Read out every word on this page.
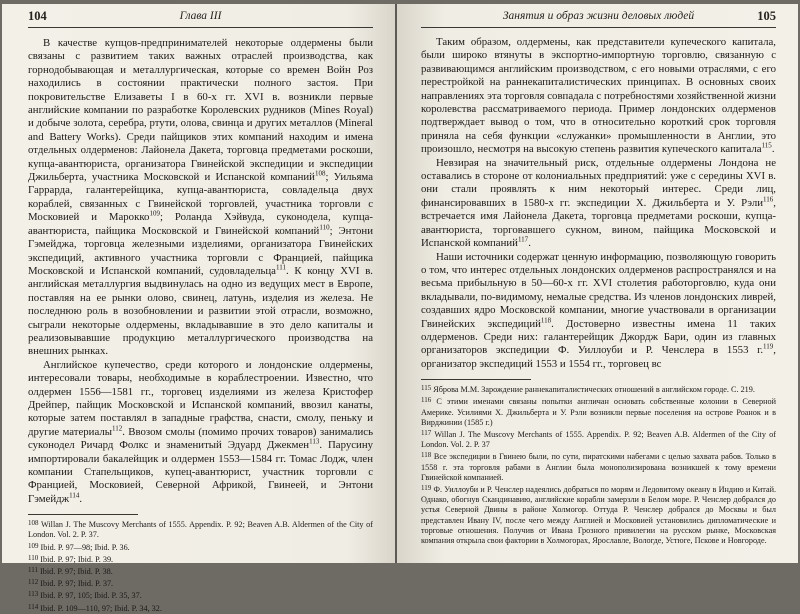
104	Глава III

В качестве купцов-предпринимателей некоторые олдермены были связаны с развитием таких важных отраслей производства, как горнодобывающая и металлургическая, которые со времен Войн Роз находились в состоянии практически полного застоя. При покровительстве Елизаветы I в 60-х гг. XVI в. возникли первые английские компании по разработке Королевских рудников (Mines Royal) и добыче золота, серебра, ртути, олова, свинца и других металлов (Mineral and Battery Works). Среди пайщиков этих компаний находим и имена отдельных олдерменов: Лайонела Дакета, торговца предметами роскоши, купца-авантюриста, организатора Гвинейской экспедиции и экспедиции Джильберта, участника Московской и Испанской компаний$^{108}$; Уильяма Гаррарда, галантерейщика, купца-авантюриста, совладельца двух кораблей, связанных с Гвинейской торговлей, участника торговли с Московией и Марокко$^{109}$; Роланда Хэйвуда, суконодела, купца-авантюриста, пайщика Московской и Гвинейской компаний$^{110}$; Энтони Гэмейджа, торговца железными изделиями, организатора Гвинейских экспедиций, активного участника торговли с Францией, пайщика Московской и Испанской компаний, судовладельца$^{111}$. К концу XVI в. английская металлургия выдвинулась на одно из ведущих мест в Европе, поставляя на ее рынки олово, свинец, латунь, изделия из железа. Не последнюю роль в возобновлении и развитии этой отрасли, возможно, сыграли некоторые олдермены, вкладывавшие в это дело капиталы и реализовывавшие продукцию металлургического производства на внешних рынках.

Английское купечество, среди которого и лондонские олдермены, интересовали товары, необходимые в кораблестроении. Известно, что олдермен 1556—1581 гг., торговец изделиями из железа Кристофер Дрейпер, пайщик Московской и Испанской компаний, ввозил канаты, которые затем поставлял в западные графства, снасти, смолу, пеньку и другие материалы$^{112}$. Ввозом смолы (помимо прочих товаров) занимались суконодел Ричард Фолкс и знаменитый Эдуард Джекмен$^{113}$. Парусину импортировали бакалейщик и олдермен 1553—1584 гг. Томас Лодж, член компании Стапельщиков, купец-авантюрист, участник торговли с Францией, Московией, Северной Африкой, Гвинеей, и Энтони Гэмейдж$^{114}$.

108 Willan J. The Muscovy Merchants of 1555. Appendix. P. 92; Beaven A.B. Aldermen of the City of London. Vol. 2. P. 37.

109 Ibid. P. 97—98; Ibid. P. 36.

110 Ibid. P. 97; Ibid. P. 39.

111 Ibid. P. 97; Ibid. P. 38.

112 Ibid. P. 97; Ibid. P. 37.

113 Ibid. P. 97, 105; Ibid. P. 35, 37.

114 Ibid. P. 109—110, 97; Ibid. P. 34, 32.

Занятия и образ жизни деловых людей	105

Таким образом, олдермены, как представители купеческого капитала, были широко втянуты в экспортно-импортную торговлю, связанную с развивающимся английским производством, с его новыми отраслями, с его перестройкой на раннекапиталистических принципах. В основных своих направлениях эта торговля совпадала с потребностями хозяйственной жизни королевства рассматриваемого периода. Пример лондонских олдерменов подтверждает вывод о том, что в относительно короткий срок торговля приняла на себя функции «служанки» промышленности в Англии, это произошло, несмотря на высокую степень развития купеческого капитала$^{115}$.

Невзирая на значительный риск, отдельные олдермены Лондона не оставались в стороне от колониальных предприятий: уже с середины XVI в. они стали проявлять к ним некоторый интерес. Среди лиц, финансировавших в 1580-х гг. экспедиции Х. Джильберта и У. Рэли$^{116}$, встречается имя Лайонела Дакета, торговца предметами роскоши, купца-авантюриста, торговавшего сукном, вином, пайщика Московской и Испанской компаний$^{117}$.

Наши источники содержат ценную информацию, позволяющую говорить о том, что интерес отдельных лондонских олдерменов распространялся и на весьма прибыльную в 50—60-х гг. XVI столетия работорговлю, куда они вкладывали, по-видимому, немалые средства. Из членов лондонских ливрей, создавших ядро Московской компании, многие участвовали в организации Гвинейских экспедиций$^{118}$. Достоверно известны имена 11 таких олдерменов. Среди них: галантерейщик Джордж Бари, один из главных организаторов экспедиции Ф. Уиллоуби и Р. Ченслера в 1553 г.$^{119}$, организатор экспедиций 1553 и 1554 гг., торговец вс

115 Яброва М.М. Зарождение раннекапиталистических отношений в английском городе. С. 219.

116 С этими именами связаны попытки англичан основать собственные колонии в Северной Америке. Усилиями Х. Джильберта и У. Рэли возникли первые поселения на острове Роанок и в Вирджинии (1585 г.)

117 Willan J. The Muscovy Merchants of 1555. Appendix. P. 92; Beaven A.B. Aldermen of the City of London. Vol. 2. P. 37

118 Все экспедиции в Гвинею были, по сути, пиратскими набегами с целью захвата рабов. Только в 1558 г. эта торговля рабами в Англии была монополизирована возникшей к тому времени Гвинейской компанией.

119 Ф. Уиллоуби и Р. Ченслер надеялись добраться по морям и Ледовитому океану в Индию и Китай. Однако, обогнув Скандинавию, английские корабли замерзли в Белом море. Р. Ченслер добрался до устья Северной Двины в районе Холмогор. Оттуда Р. Ченслер добрался до Москвы и был представлен Ивану IV, после чего между Англией и Московией установились дипломатические и торговые отношения. Получив от Ивана Грозного привилегии на русском рынке, Московская компания открыла свои фактории в Холмогорах, Ярославле, Вологде, Устюге, Пскове и Новгороде.
